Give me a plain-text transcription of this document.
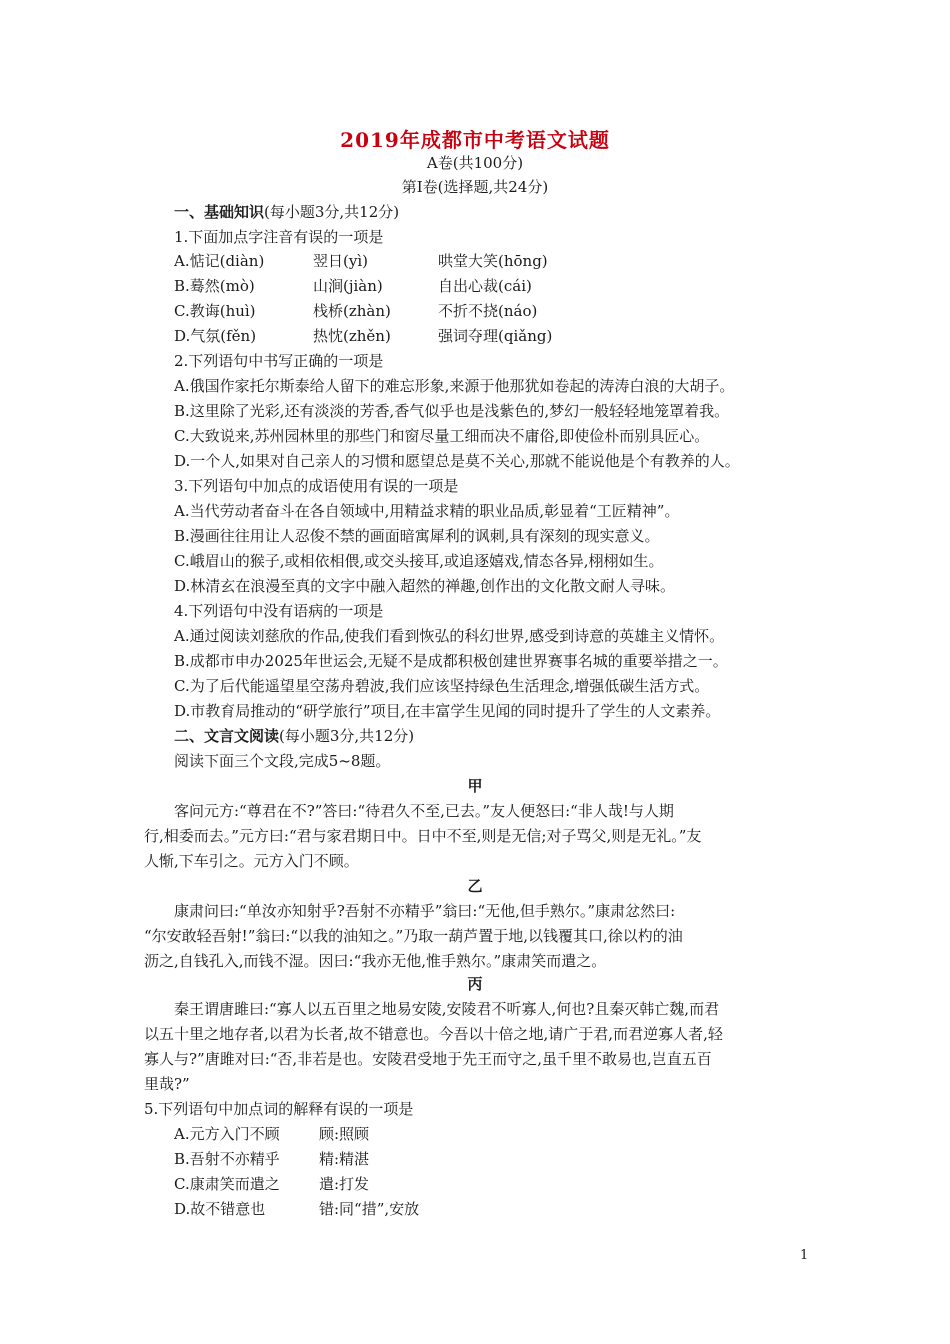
2019年成都市中考语文试题
A卷(共100分)
第Ⅰ卷(选择题,共24分)
一、基础知识(每小题3分,共12分)
1.下面加点字注音有误的一项是
A.惦记(diàn)	翌日(yì)	哄堂大笑(hōng)
B.蓦然(mò)	山涧(jiàn)	自出心裁(cái)
C.教诲(huì)	栈桥(zhàn)	不折不挠(náo)
D.气氛(fěn)	热忱(zhěn)	强词夺理(qiǎng)
2.下列语句中书写正确的一项是
A.俄国作家托尔斯泰给人留下的难忘形象,来源于他那犹如卷起的涛涛白浪的大胡子。
B.这里除了光彩,还有淡淡的芳香,香气似乎也是浅紫色的,梦幻一般轻轻地笼罩着我。
C.大致说来,苏州园林里的那些门和窗尽量工细而决不庸俗,即使俭朴而别具匠心。
D.一个人,如果对自己亲人的习惯和愿望总是莫不关心,那就不能说他是个有教养的人。
3.下列语句中加点的成语使用有误的一项是
A.当代劳动者奋斗在各自领域中,用精益求精的职业品质,彰显着“工匠精神”。
B.漫画往往用让人忍俊不禁的画面暗寓犀利的讽刺,具有深刻的现实意义。
C.峨眉山的猴子,或相依相偎,或交头接耳,或追逐嬉戏,情态各异,栩栩如生。
D.林清玄在浪漫至真的文字中融入超然的禅趣,创作出的文化散文耐人寻味。
4.下列语句中没有语病的一项是
A.通过阅读刘慈欣的作品,使我们看到恢弘的科幻世界,感受到诗意的英雄主义情怀。
B.成都市申办2025年世运会,无疑不是成都积极创建世界赛事名城的重要举措之一。
C.为了后代能遥望星空荡舟碧波,我们应该坚持绿色生活理念,增强低碳生活方式。
D.市教育局推动的“研学旅行”项目,在丰富学生见闻的同时提升了学生的人文素养。
二、文言文阅读(每小题3分,共12分)
阅读下面三个文段,完成5~8题。
甲
客问元方:“尊君在不?”答曰:“待君久不至,已去。”友人便怒曰:“非人哉!与人期
行,相委而去。”元方曰:“君与家君期日中。日中不至,则是无信;对子骂父,则是无礼。”友
人惭,下车引之。元方入门不顾。
乙
康肃问曰:“单汝亦知射乎?吾射不亦精乎”翁曰:“无他,但手熟尔。”康肃忿然曰:
“尔安敢轻吾射!”翁曰:“以我的油知之。”乃取一葫芦置于地,以钱覆其口,徐以杓的油
沥之,自钱孔入,而钱不湿。因曰:“我亦无他,惟手熟尔。”康肃笑而遣之。
丙
秦王谓唐雎曰:“寡人以五百里之地易安陵,安陵君不听寡人,何也?且秦灭韩亡魏,而君
以五十里之地存者,以君为长者,故不错意也。今吾以十倍之地,请广于君,而君逆寡人者,轻
寡人与?”唐雎对曰:“否,非若是也。安陵君受地于先王而守之,虽千里不敢易也,岂直五百
里哉?”
5.下列语句中加点词的解释有误的一项是
A.元方入门不顾	顾:照顾
B.吾射不亦精乎	精:精湛
C.康肃笑而遣之	遣:打发
D.故不错意也	错:同“措”,安放
1
